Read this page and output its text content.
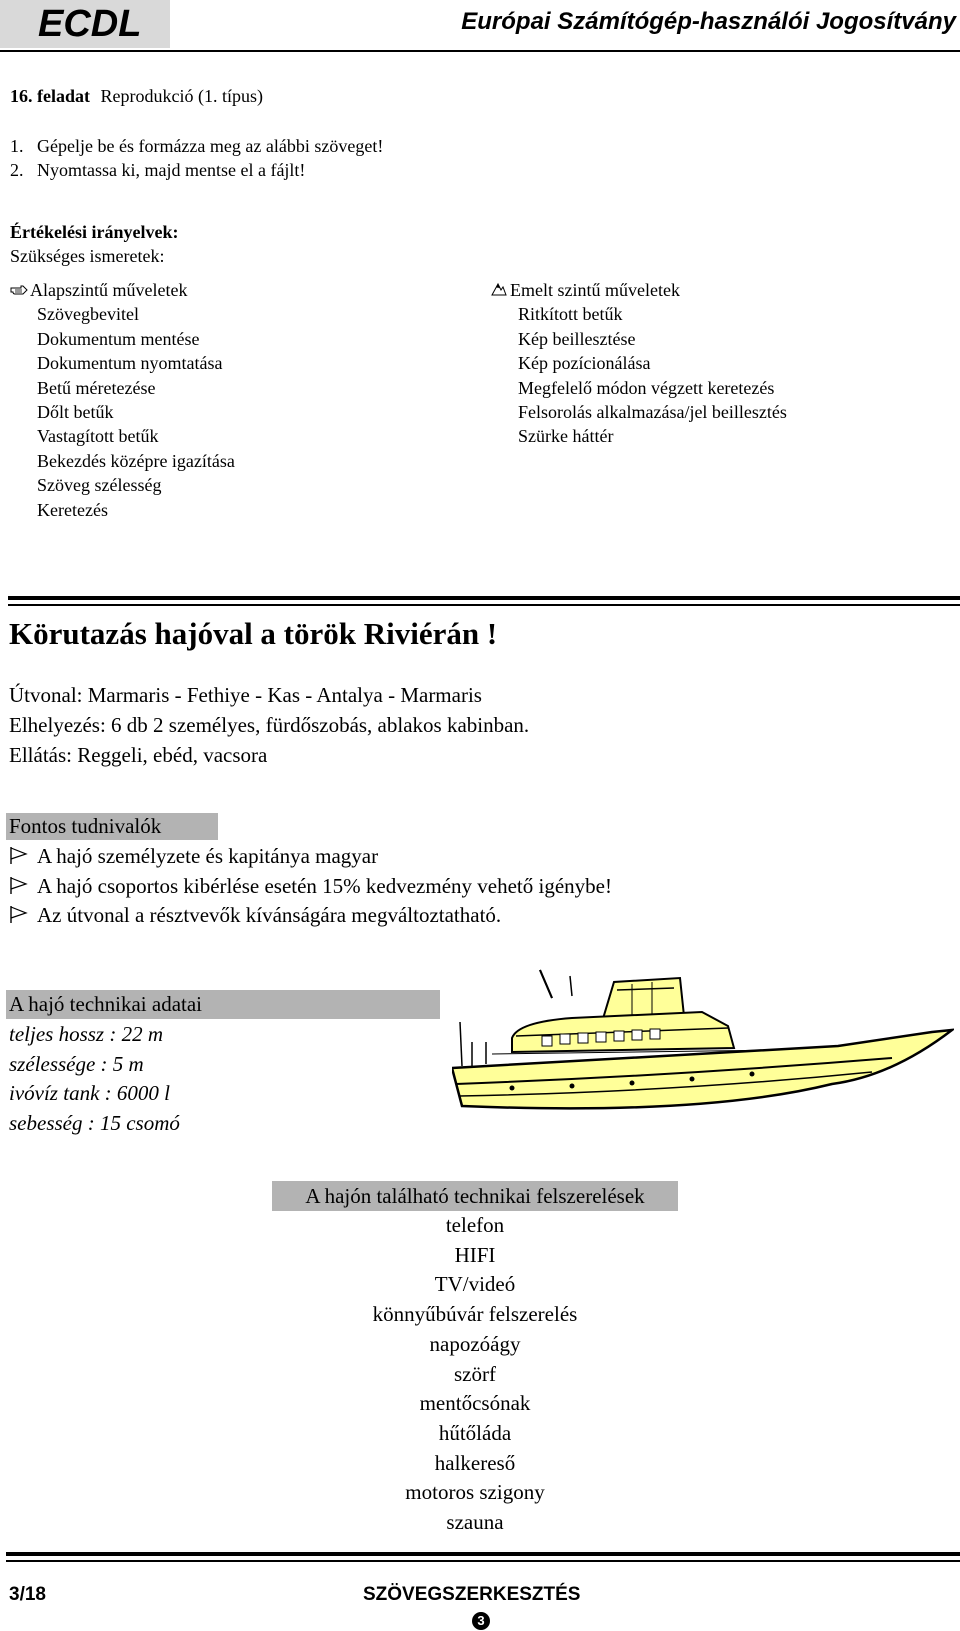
ECDL	Európai Számítógép-használói Jogosítvány
16. feladat Reprodukció (1. típus)
1. Gépelje be és formázza meg az alábbi szöveget!
2. Nyomtassa ki, majd mentse el a fájlt!
Értékelési irányelvek:
Szükséges ismeretek:
Alapszintű műveletek
Szövegbevitel
Dokumentum mentése
Dokumentum nyomtatása
Betű méretezése
Dőlt betűk
Vastagított betűk
Bekezdés középre igazítása
Szöveg szélesség
Keretezés
Emelt szintű műveletek
Ritkított betűk
Kép beillesztése
Kép pozícionálása
Megfelelő módon végzett keretezés
Felsorolás alkalmazása/jel beillesztés
Szürke háttér
Körutazás hajóval a török Riviérán !
Útvonal: Marmaris - Fethiye - Kas - Antalya - Marmaris
Elhelyezés: 6 db 2 személyes, fürdőszobás, ablakos kabinban.
Ellátás: Reggeli, ebéd, vacsora
Fontos tudnivalók
A hajó személyzete és kapitánya magyar
A hajó csoportos kibérlése esetén 15% kedvezmény vehető igénybe!
Az útvonal a résztvevők kívánságára megváltoztatható.
A hajó technikai adatai
teljes hossz : 22 m
szélessége : 5 m
ivóvíz tank : 6000 l
sebesség : 15 csomó
A hajón található technikai felszerelések
telefon
HIFI
TV/videó
könnyűbúvár felszerelés
napozóágy
szörf
mentőcsónak
hűtőláda
halkereső
motoros szigony
szauna
3/18	SZÖVEGSZERKESZTÉS
3
